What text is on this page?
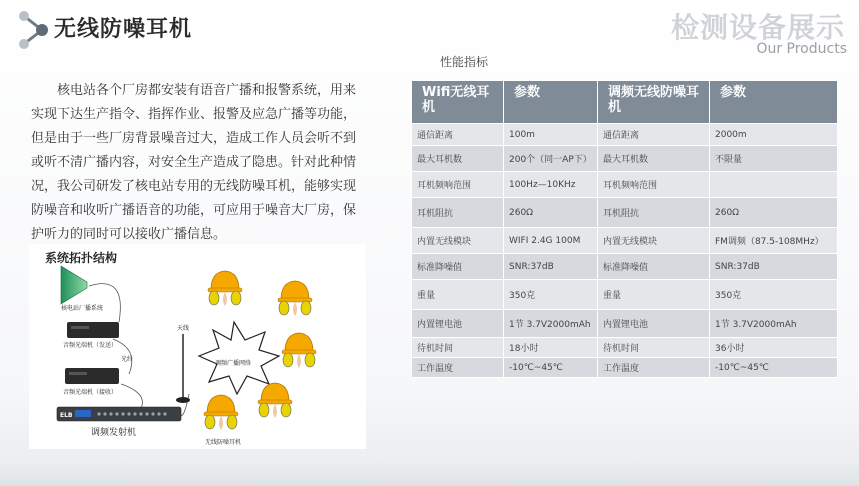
无线防噪耳机	检测设备展示
Our Products

核电站各个厂房都安装有语音广播和报警系统，用来实现下达生产指令、指挥作业、报警及应急广播等功能，但是由于一些厂房背景噪音过大，造成工作人员会听不到或听不清广播内容，对安全生产造成了隐患。针对此种情况，我公司研发了核电站专用的无线防噪耳机，能够实现防噪音和收听广播语音的功能，可应用于噪音大厂房，保护听力的同时可以接收广播信息。

性能指标
Wifi无线耳机	参数	调频无线防噪耳机	参数
通信距离	100m	通信距离	2000m
最大耳机数	200个（同一AP下）	最大耳机数	不限量
耳机频响范围	100Hz—10KHz	耳机频响范围	
耳机阻抗	260Ω	耳机阻抗	260Ω
内置无线模块	WIFI 2.4G 100M	内置无线模块	FM调频（87.5-108MHz）
标准降噪值	SNR:37dB	标准降噪值	SNR:37dB
重量	350克	重量	350克
内置锂电池	1节 3.7V2000mAh	内置锂电池	1节 3.7V2000mAh
待机时间	18小时	待机时间	36小时
工作温度	-10℃~45℃	工作温度	-10℃~45℃
系统拓扑结构
核电站厂播系统
音频光端机（发送）
光纤
音频光端机（接收）
ELB
调频发射机
天线
调频广播网络
无线防噪耳机
